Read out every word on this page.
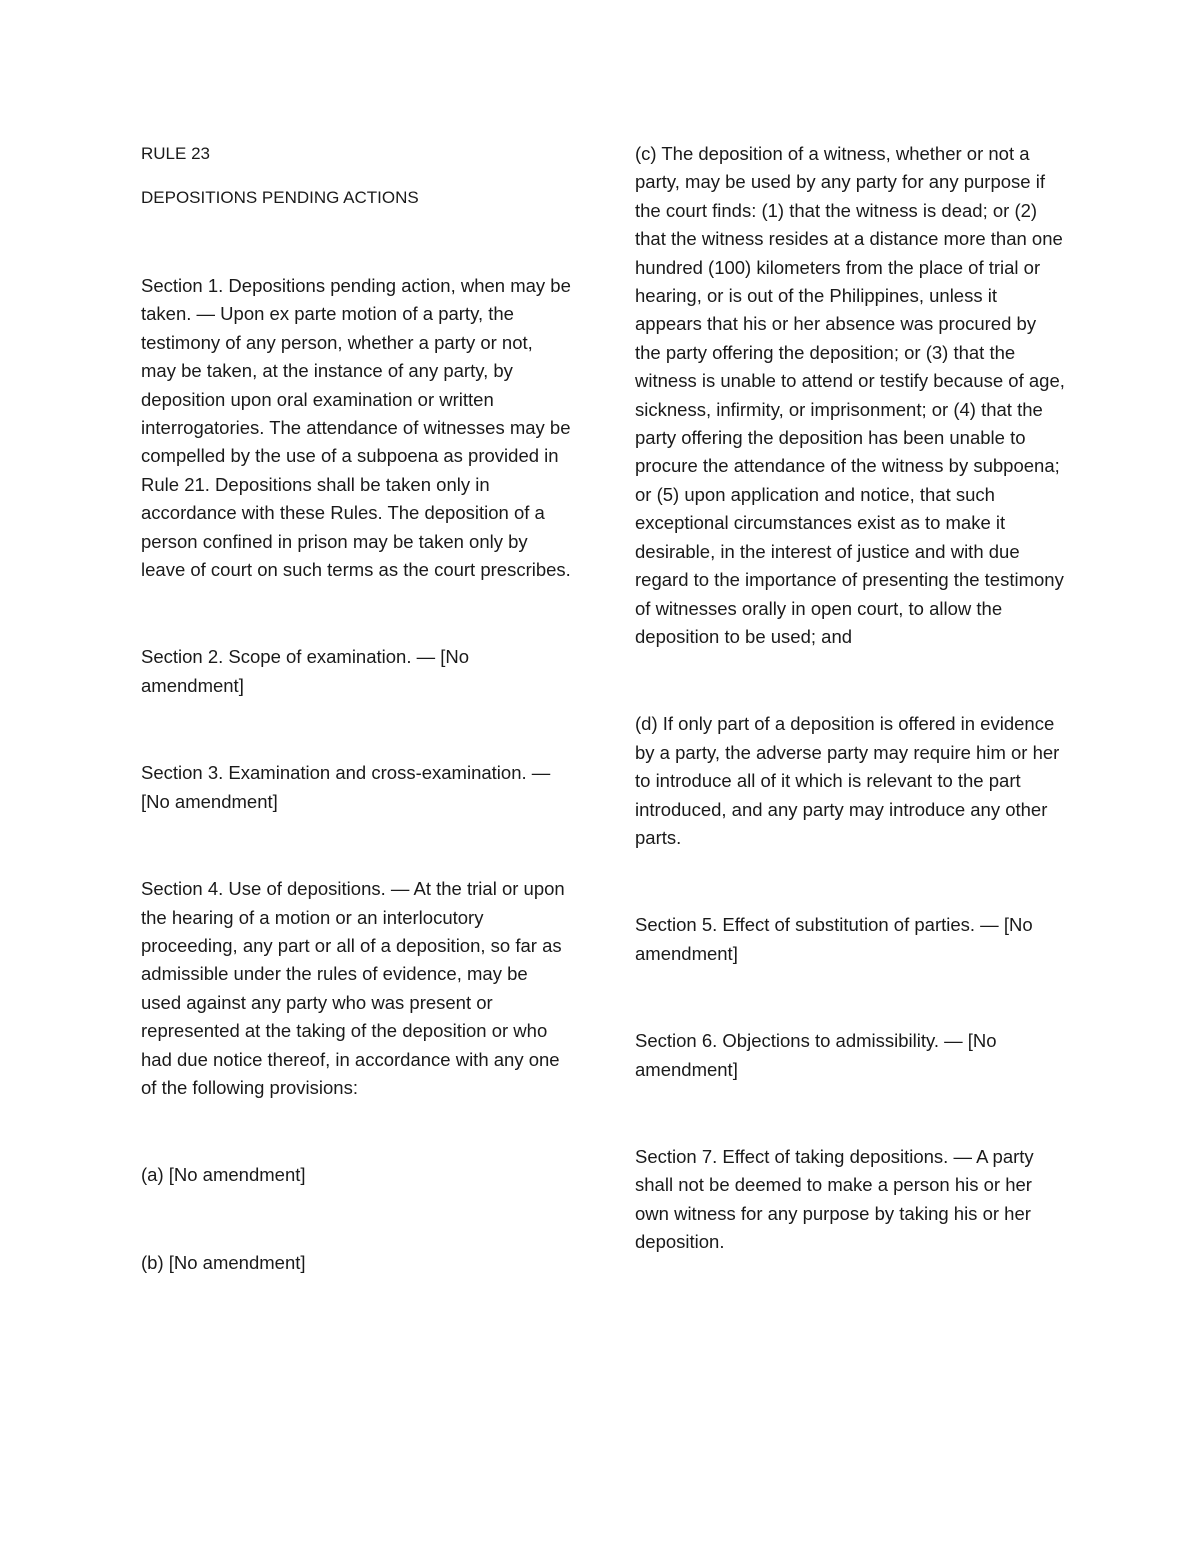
RULE 23

DEPOSITIONS PENDING ACTIONS

Section 1. Depositions pending action, when may be taken. — Upon ex parte motion of a party, the testimony of any person, whether a party or not, may be taken, at the instance of any party, by deposition upon oral examination or written interrogatories. The attendance of witnesses may be compelled by the use of a subpoena as provided in Rule 21. Depositions shall be taken only in accordance with these Rules. The deposition of a person confined in prison may be taken only by leave of court on such terms as the court prescribes.

Section 2. Scope of examination. — [No amendment]

Section 3. Examination and cross-examination. — [No amendment]

Section 4. Use of depositions. — At the trial or upon the hearing of a motion or an interlocutory proceeding, any part or all of a deposition, so far as admissible under the rules of evidence, may be used against any party who was present or represented at the taking of the deposition or who had due notice thereof, in accordance with any one of the following provisions:

(a) [No amendment]

(b) [No amendment]

(c) The deposition of a witness, whether or not a party, may be used by any party for any purpose if the court finds: (1) that the witness is dead; or (2) that the witness resides at a distance more than one hundred (100) kilometers from the place of trial or hearing, or is out of the Philippines, unless it appears that his or her absence was procured by the party offering the deposition; or (3) that the witness is unable to attend or testify because of age, sickness, infirmity, or imprisonment; or (4) that the party offering the deposition has been unable to procure the attendance of the witness by subpoena; or (5) upon application and notice, that such exceptional circumstances exist as to make it desirable, in the interest of justice and with due regard to the importance of presenting the testimony of witnesses orally in open court, to allow the deposition to be used; and

(d) If only part of a deposition is offered in evidence by a party, the adverse party may require him or her to introduce all of it which is relevant to the part introduced, and any party may introduce any other parts.

Section 5. Effect of substitution of parties. — [No amendment]

Section 6. Objections to admissibility. — [No amendment]

Section 7. Effect of taking depositions. — A party shall not be deemed to make a person his or her own witness for any purpose by taking his or her deposition.
